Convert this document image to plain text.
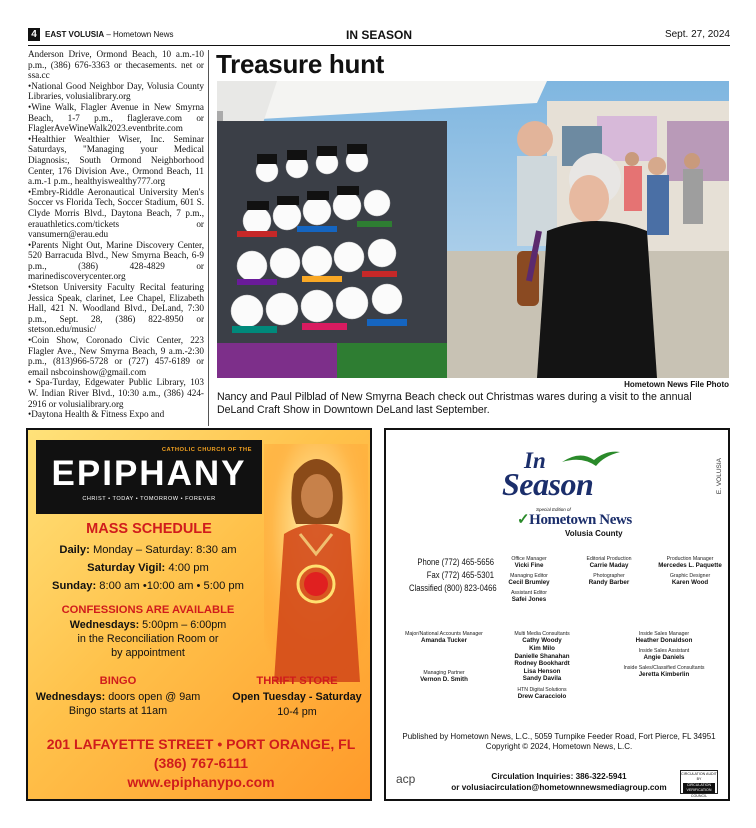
4	EAST VOLUSIA – Hometown News	IN SEASON	Sept. 27, 2024

Anderson Drive, Ormond Beach, 10 a.m.-10 p.m., (386) 676-3363 or thecasements. net or ssa.cc

•National Good Neighbor Day, Volusia County Libraries, volusialibrary.org

•Wine Walk, Flagler Avenue in New Smyrna Beach, 1-7 p.m., flaglerave.com or FlaglerAveWineWalk2023.eventbrite.com

•Healthier Wealthier Wiser, Inc. Seminar Saturdays, "Managing your Medical Diagnosis:, South Ormond Neighborhood Center, 176 Division Ave., Ormond Beach, 11 a.m.-1 p.m., healthyiswealthy777.org

•Embry-Riddle Aeronautical University Men's Soccer vs Florida Tech, Soccer Stadium, 601 S. Clyde Morris Blvd., Daytona Beach, 7 p.m., erauathletics.com/tickets or vansumern@erau.edu

•Parents Night Out, Marine Discovery Center, 520 Barracuda Blvd., New Smyrna Beach, 6-9 p.m., (386) 428-4829 or marinediscoverycenter.org

•Stetson University Faculty Recital featuring Jessica Speak, clarinet, Lee Chapel, Elizabeth Hall, 421 N. Woodland Blvd., DeLand, 7:30 p.m., Sept. 28, (386) 822-8950 or stetson.edu/music/

•Coin Show, Coronado Civic Center, 223 Flagler Ave., New Smyrna Beach, 9 a.m.-2:30 p.m., (813)966-5728 or (727) 457-6189 or email nsbcoinshow@gmail.com

• Spa-Turday, Edgewater Public Library, 103 W. Indian River Blvd., 10:30 a.m., (386) 424-2916 or volusialibrary.org

•Daytona Health & Fitness Expo and

Treasure hunt
Hometown News File Photo
Nancy and Paul Pilblad of New Smyrna Beach check out Christmas wares during a visit to the annual DeLand Craft Show in Downtown DeLand last September.
CATHOLIC CHURCH OF THE
EPIPHANY
CHRIST • TODAY • TOMORROW • FOREVER
MASS SCHEDULE
Daily: Monday – Saturday: 8:30 am
Saturday Vigil: 4:00 pm
Sunday: 8:00 am •10:00 am • 5:00 pm
CONFESSIONS ARE AVAILABLE
Wednesdays: 5:00pm – 6:00pm
in the Reconciliation Room or
by appointment
BINGO
Wednesdays: doors open @ 9am
Bingo starts at 11am
THRIFT STORE
Open Tuesday - Saturday
10-4 pm
201 LAFAYETTE STREET • PORT ORANGE, FL
(386) 767-6111
www.epiphanypo.com
E. VOLUSIA
In
Season
Special Edition of
✓Hometown News
Volusia County
Phone (772) 465-5656
Fax (772) 465-5301
Classified (800) 823-0466
Office Manager
Vicki Fine
Managing Editor
Cecil Brumley
Assistant Editor
Safei Jones
Editorial Production
Carrie Maday
Photographer
Randy Barber
Production Manager
Mercedes L. Paquette
Graphic Designer
Karen Wood
Major/National Accounts Manager
Amanda Tucker
Managing Partner
Vernon D. Smith
Multi Media Consultants
Cathy Woody
Kim Milo
Danielle Shanahan
Rodney Bookhardt
Lisa Henson
Sandy Davila
HTN Digital Solutions
Drew Caracciolo
Inside Sales Manager
Heather Donaldson
Inside Sales Assistant
Angie Daniels
Inside Sales/Classified Consultants
Jeretta Kimberlin
Published by Hometown News, L.C., 5059 Turnpike Feeder Road, Fort Pierce, FL 34951
Copyright © 2024, Hometown News, L.C.
acp	Circulation Inquiries: 386-322-5941
or volusiacirculation@hometownnewsmediagroup.com
CIRCULATION AUDIT BY
CIRCULATION VERIFICATION
COUNCIL
